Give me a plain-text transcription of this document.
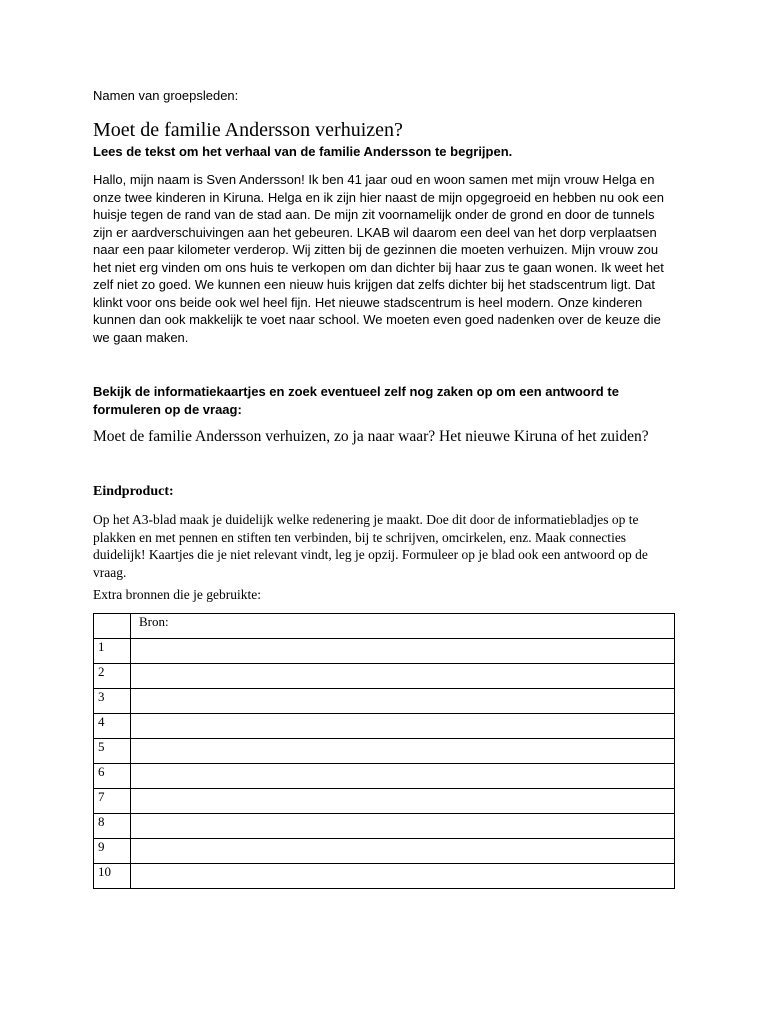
Namen van groepsleden:
Moet de familie Andersson verhuizen?
Lees de tekst om het verhaal van de familie Andersson te begrijpen.

Hallo, mijn naam is Sven Andersson! Ik ben 41 jaar oud en woon samen met mijn vrouw Helga en onze twee kinderen in Kiruna. Helga en ik zijn hier naast de mijn opgegroeid en hebben nu ook een huisje tegen de rand van de stad aan. De mijn zit voornamelijk onder de grond en door de tunnels zijn er aardverschuivingen aan het gebeuren. LKAB wil daarom een deel van het dorp verplaatsen naar een paar kilometer verderop. Wij zitten bij de gezinnen die moeten verhuizen. Mijn vrouw zou het niet erg vinden om ons huis te verkopen om dan dichter bij haar zus te gaan wonen. Ik weet het zelf niet zo goed. We kunnen een nieuw huis krijgen dat zelfs dichter bij het stadscentrum ligt. Dat klinkt voor ons beide ook wel heel fijn. Het nieuwe stadscentrum is heel modern. Onze kinderen kunnen dan ook makkelijk te voet naar school. We moeten even goed nadenken over de keuze die we gaan maken.

Bekijk de informatiekaartjes en zoek eventueel zelf nog zaken op om een antwoord te formuleren op de vraag:

Moet de familie Andersson verhuizen, zo ja naar waar? Het nieuwe Kiruna of het zuiden?
Eindproduct:

Op het A3-blad maak je duidelijk welke redenering je maakt. Doe dit door de informatiebladjes op te plakken en met pennen en stiften ten verbinden, bij te schrijven, omcirkelen, enz. Maak connecties duidelijk! Kaartjes die je niet relevant vindt, leg je opzij. Formuleer op je blad ook een antwoord op de vraag.

Extra bronnen die je gebruikte:
	Bron:
1	
2	
3	
4	
5	
6	
7	
8	
9	
10	
